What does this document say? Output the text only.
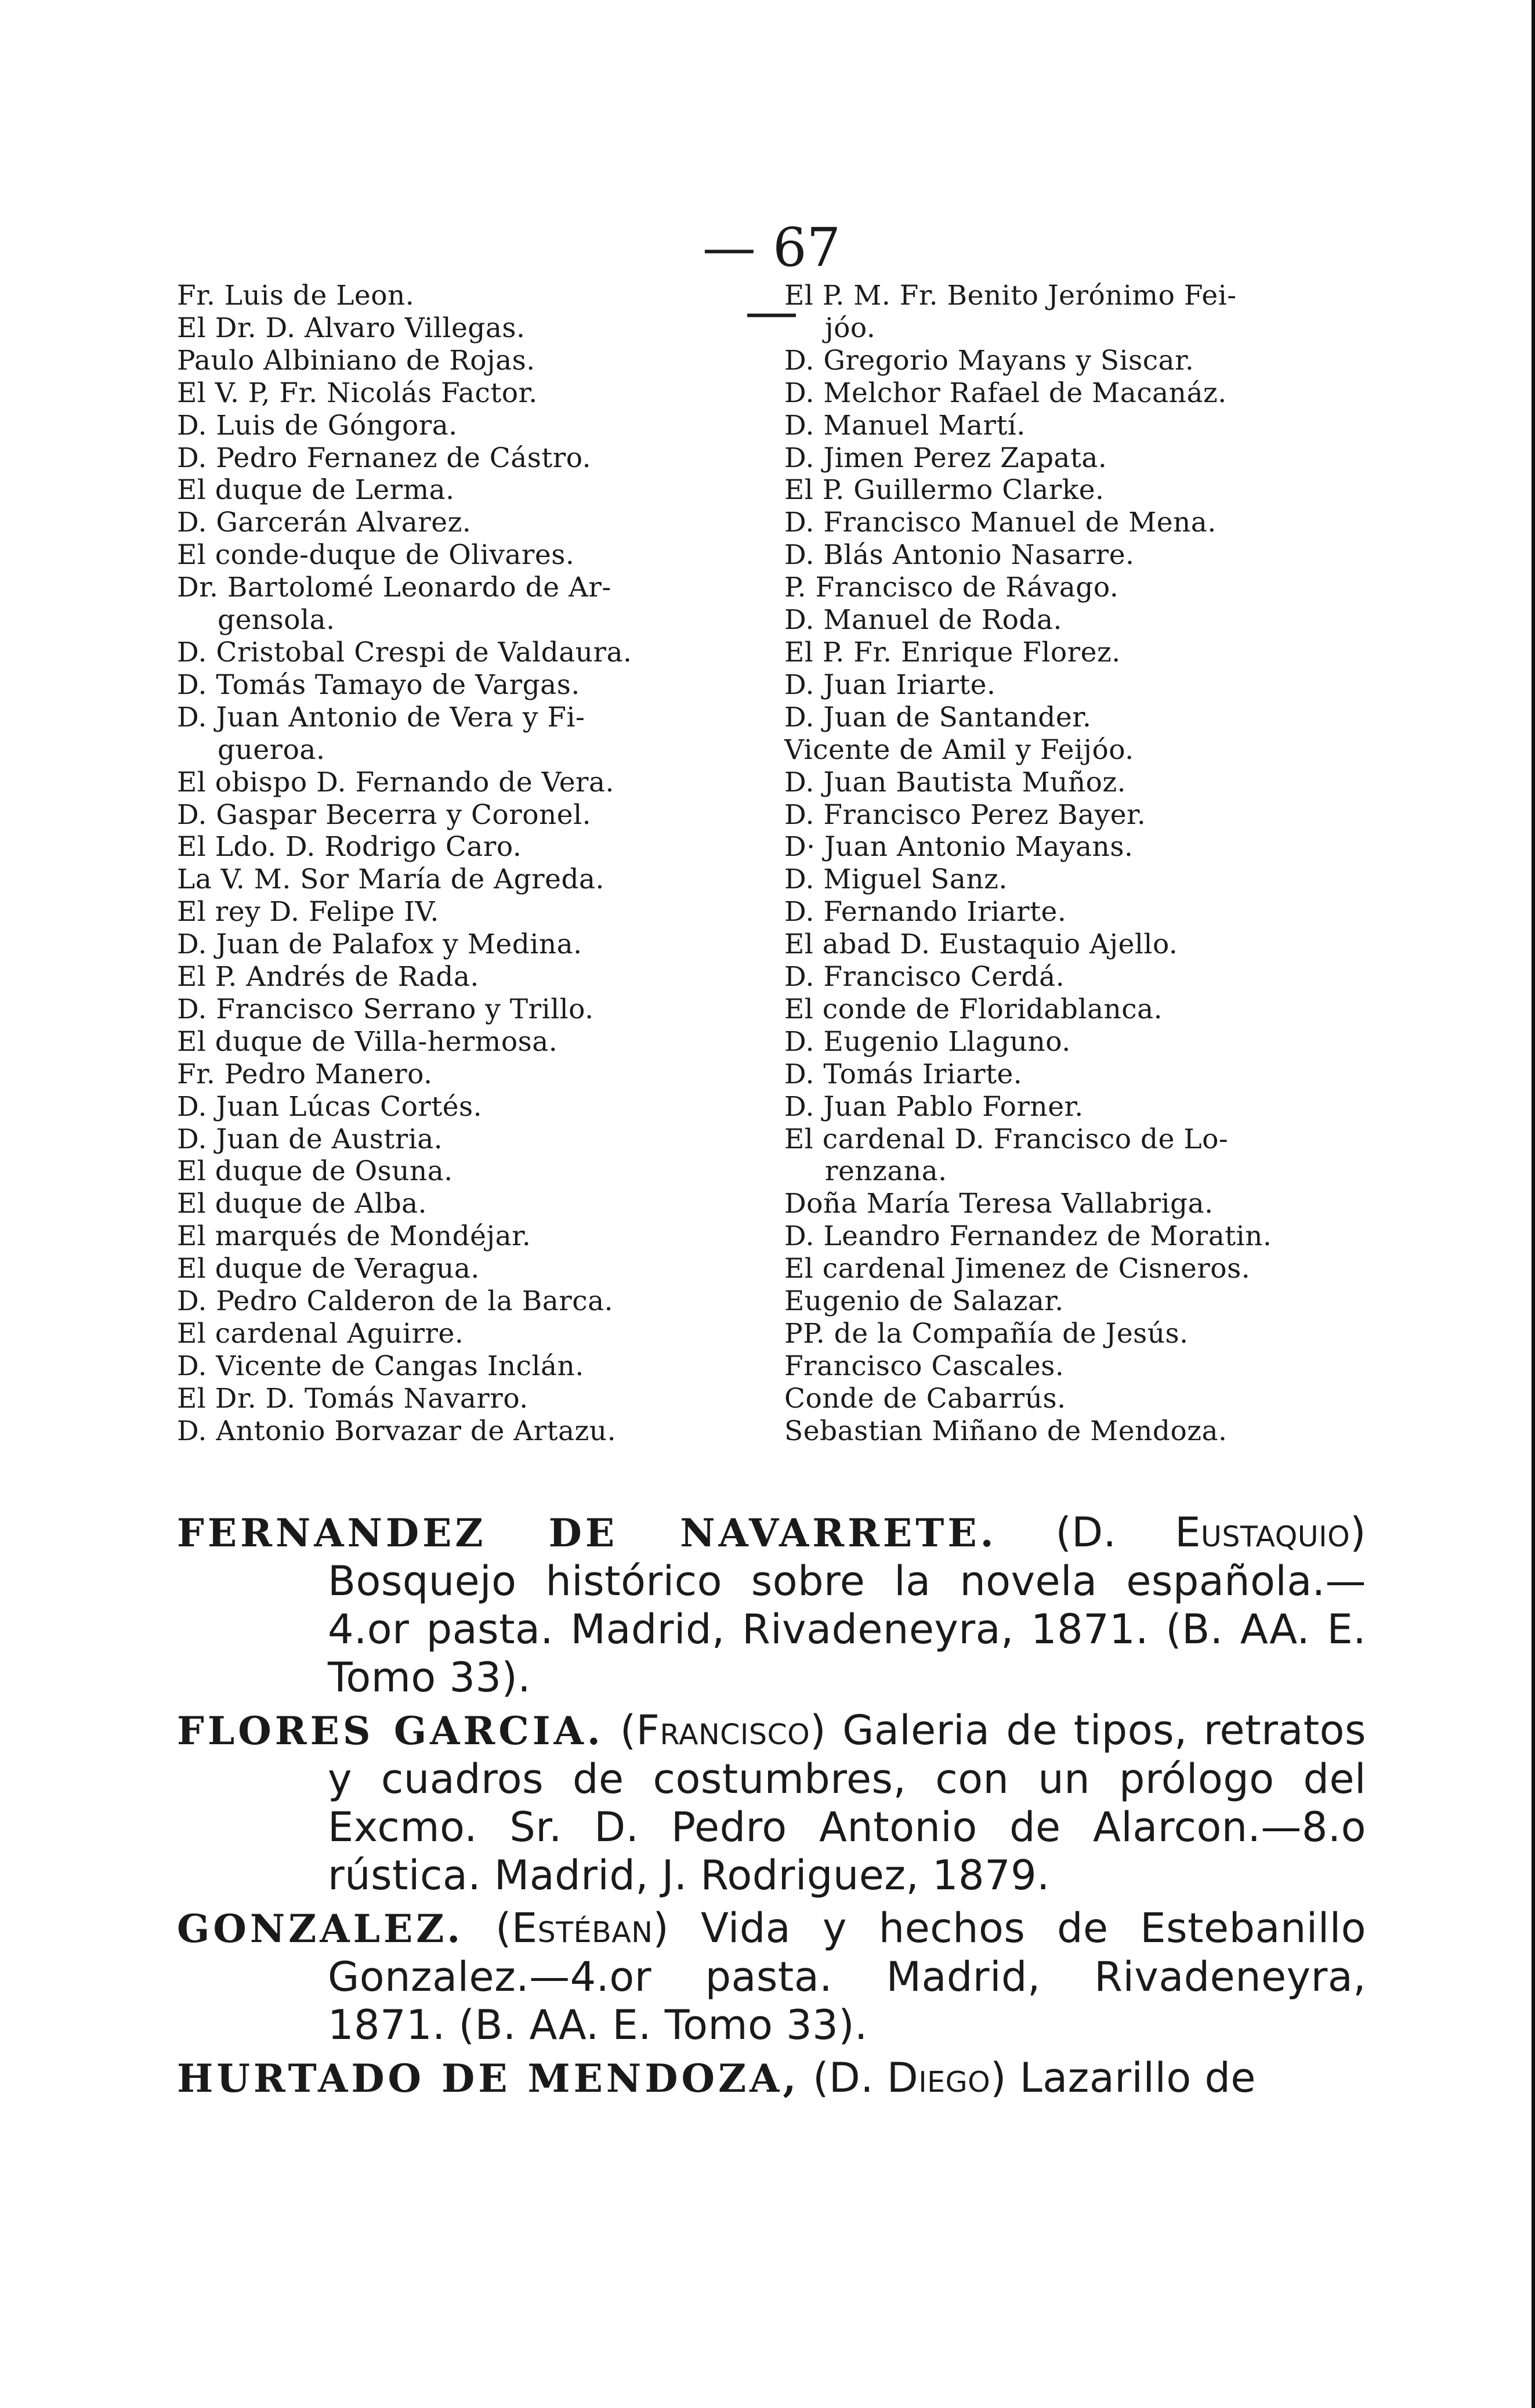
— 67 —
Fr. Luis de Leon.
El Dr. D. Alvaro Villegas.
Paulo Albiniano de Rojas.
El V. P, Fr. Nicolás Factor.
D. Luis de Góngora.
D. Pedro Fernanez de Cástro.
El duque de Lerma.
D. Garcerán Alvarez.
El conde-duque de Olivares.
Dr. Bartolomé Leonardo de Ar-
gensola.
D. Cristobal Crespi de Valdaura.
D. Tomás Tamayo de Vargas.
D. Juan Antonio de Vera y Fi-
gueroa.
El obispo D. Fernando de Vera.
D. Gaspar Becerra y Coronel.
El Ldo. D. Rodrigo Caro.
La V. M. Sor María de Agreda.
El rey D. Felipe IV.
D. Juan de Palafox y Medina.
El P. Andrés de Rada.
D. Francisco Serrano y Trillo.
El duque de Villa-hermosa.
Fr. Pedro Manero.
D. Juan Lúcas Cortés.
D. Juan de Austria.
El duque de Osuna.
El duque de Alba.
El marqués de Mondéjar.
El duque de Veragua.
D. Pedro Calderon de la Barca.
El cardenal Aguirre.
D. Vicente de Cangas Inclán.
El Dr. D. Tomás Navarro.
D. Antonio Borvazar de Artazu.
El P. M. Fr. Benito Jerónimo Fei-
jóo.
D. Gregorio Mayans y Siscar.
D. Melchor Rafael de Macanáz.
D. Manuel Martí.
D. Jimen Perez Zapata.
El P. Guillermo Clarke.
D. Francisco Manuel de Mena.
D. Blás Antonio Nasarre.
P. Francisco de Rávago.
D. Manuel de Roda.
El P. Fr. Enrique Florez.
D. Juan Iriarte.
D. Juan de Santander.
Vicente de Amil y Feijóo.
D. Juan Bautista Muñoz.
D. Francisco Perez Bayer.
D· Juan Antonio Mayans.
D. Miguel Sanz.
D. Fernando Iriarte.
El abad D. Eustaquio Ajello.
D. Francisco Cerdá.
El conde de Floridablanca.
D. Eugenio Llaguno.
D. Tomás Iriarte.
D. Juan Pablo Forner.
El cardenal D. Francisco de Lo-
renzana.
Doña María Teresa Vallabriga.
D. Leandro Fernandez de Moratin.
El cardenal Jimenez de Cisneros.
Eugenio de Salazar.
PP. de la Compañía de Jesús.
Francisco Cascales.
Conde de Cabarrús.
Sebastian Miñano de Mendoza.

FERNANDEZ DE NAVARRETE. (D. Eustaquio) Bosquejo histórico sobre la novela española.—4.or pasta. Madrid, Rivadeneyra, 1871. (B. AA. E. Tomo 33).

FLORES GARCIA. (Francisco) Galeria de tipos, retratos y cuadros de costumbres, con un prólogo del Excmo. Sr. D. Pedro Antonio de Alarcon.—8.o rústica. Madrid, J. Rodriguez, 1879.

GONZALEZ. (Estéban) Vida y hechos de Estebanillo Gonzalez.—4.or pasta. Madrid, Rivadeneyra, 1871. (B. AA. E. Tomo 33).

HURTADO DE MENDOZA, (D. Diego) Lazarillo de
